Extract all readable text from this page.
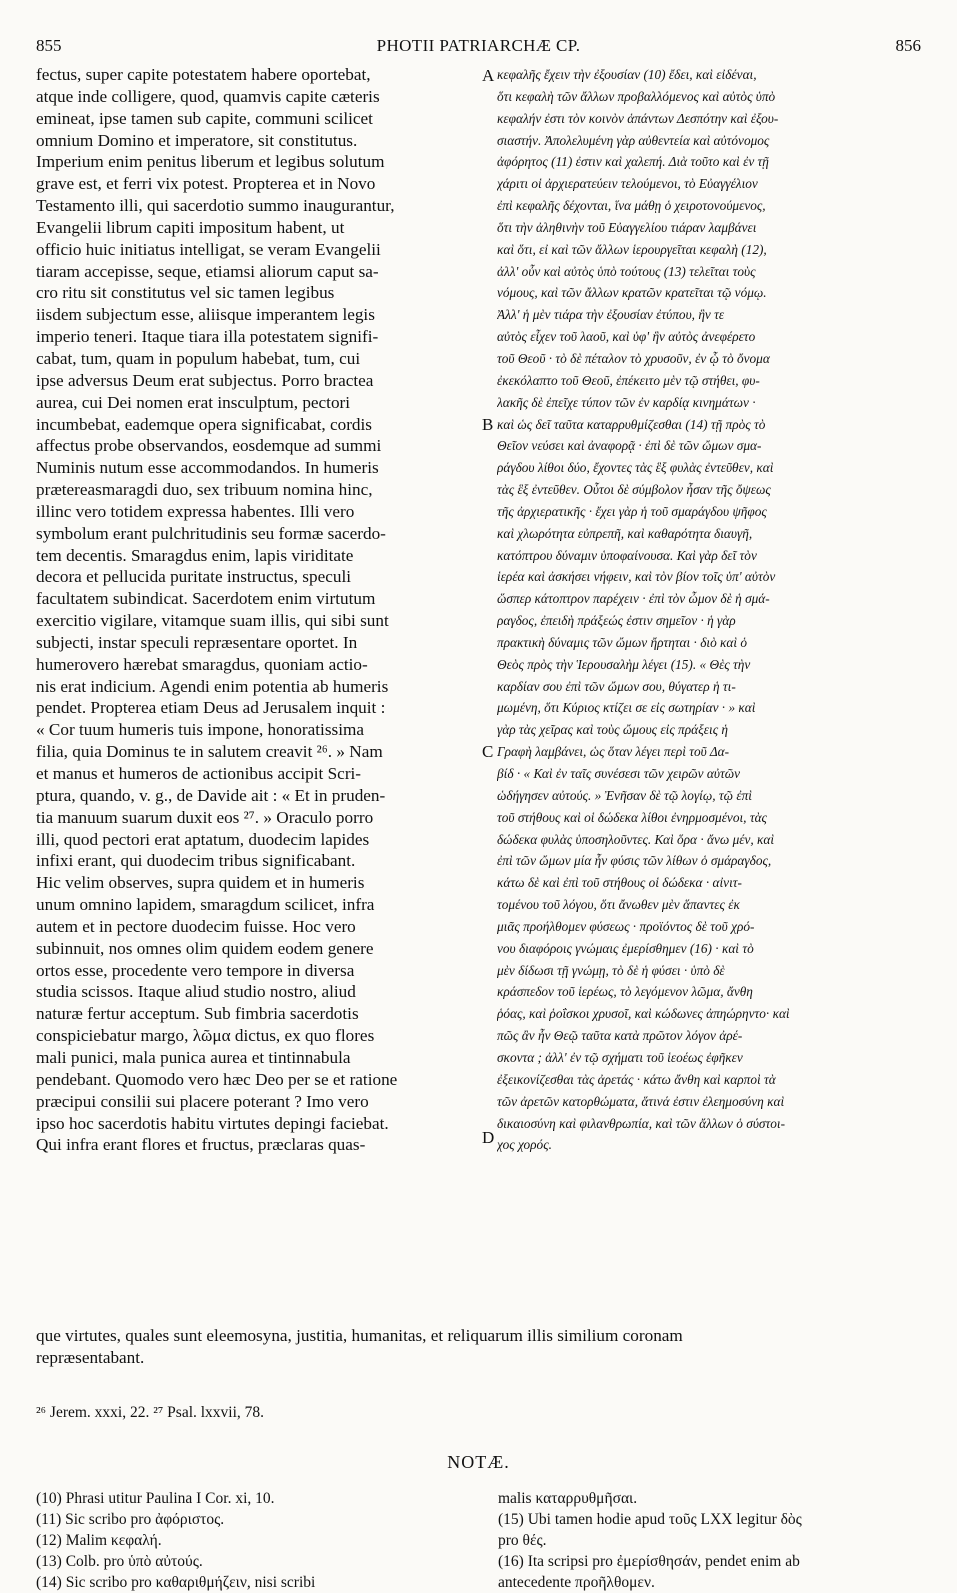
855	PHOTII PATRIARCHÆ CP.	856
fectus, super capite potestatem habere oportebat,
atque inde colligere, quod, quamvis capite cæteris
emineat, ipse tamen sub capite, communi scilicet
omnium Domino et imperatore, sit constitutus.
Imperium enim penitus liberum et legibus solutum
grave est, et ferri vix potest. Propterea et in Novo
Testamento illi, qui sacerdotio summo inaugurantur,
Evangelii librum capiti impositum habent, ut
officio huic initiatus intelligat, se veram Evangelii
tiaram accepisse, seque, etiamsi aliorum caput sa-
cro ritu sit constitutus vel sic tamen legibus
iisdem subjectum esse, aliisque imperantem legis
imperio teneri. Itaque tiara illa potestatem signifi-
cabat, tum, quam in populum habebat, tum, cui
ipse adversus Deum erat subjectus. Porro bractea
aurea, cui Dei nomen erat insculptum, pectori
incumbebat, eademque opera significabat, cordis
affectus probe observandos, eosdemque ad summi
Numinis nutum esse accommodandos. In humeris
prætereasmaragdi duo, sex tribuum nomina hinc,
illinc vero totidem expressa habentes. Illi vero
symbolum erant pulchritudinis seu formæ sacerdo-
tem decentis. Smaragdus enim, lapis viriditate
decora et pellucida puritate instructus, speculi
facultatem subindicat. Sacerdotem enim virtutum
exercitio vigilare, vitamque suam illis, qui sibi sunt
subjecti, instar speculi repræsentare oportet. In
humerovero hærebat smaragdus, quoniam actio-
nis erat indicium. Agendi enim potentia ab humeris
pendet. Propterea etiam Deus ad Jerusalem inquit :
« Cor tuum humeris tuis impone, honoratissima
filia, quia Dominus te in salutem creavit ²⁶. » Nam
et manus et humeros de actionibus accipit Scri-
ptura, quando, v. g., de Davide ait : « Et in pruden-
tia manuum suarum duxit eos ²⁷. » Oraculo porro
illi, quod pectori erat aptatum, duodecim lapides
infixi erant, qui duodecim tribus significabant.
Hic velim observes, supra quidem et in humeris
unum omnino lapidem, smaragdum scilicet, infra
autem et in pectore duodecim fuisse. Hoc vero
subinnuit, nos omnes olim quidem eodem genere
ortos esse, procedente vero tempore in diversa
studia scissos. Itaque aliud studio nostro, aliud
naturæ fertur acceptum. Sub fimbria sacerdotis
conspiciebatur margo, λῶμα dictus, ex quo flores
mali punici, mala punica aurea et tintinnabula
pendebant. Quomodo vero hæc Deo per se et ratione
præcipui consilii sui placere poterant ? Imo vero
ipso hoc sacerdotis habitu virtutes depingi faciebat.
Qui infra erant flores et fructus, præclaras quas-
κεφαλῆς ἔχειν τὴν ἐξουσίαν (10) ἔδει, καὶ εἰδέναι,
ὅτι κεφαλὴ τῶν ἄλλων προβαλλόμενος καὶ αὐτὸς ὑπὸ
κεφαλήν ἐστι τὸν κοινὸν ἁπάντων Δεσπότην καὶ ἐξου-
σιαστήν. Ἀπολελυμένη γὰρ αὐθεντεία καὶ αὐτόνομος
ἀφόρητος (11) ἐστιν καὶ χαλεπή. Διὰ τοῦτο καὶ ἐν τῇ
χάριτι οἱ ἀρχιερατεύειν τελούμενοι, τὸ Εὐαγγέλιον
ἐπὶ κεφαλῆς δέχονται, ἵνα μάθῃ ὁ χειροτονούμενος,
ὅτι τὴν ἀληθινὴν τοῦ Εὐαγγελίου τιάραν λαμβάνει
καὶ ὅτι, εἰ καὶ τῶν ἄλλων ἱερουργεῖται κεφαλὴ (12),
ἀλλ' οὖν καὶ αὐτὸς ὑπὸ τούτους (13) τελεῖται τοὺς
νόμους, καὶ τῶν ἄλλων κρατῶν κρατεῖται τῷ νόμῳ.
Ἀλλ' ἡ μὲν τιάρα τὴν ἐξουσίαν ἐτύπου, ἣν τε
αὐτὸς εἶχεν τοῦ λαοῦ, καὶ ὑφ' ἣν αὐτὸς ἀνεφέρετο
τοῦ Θεοῦ · τὸ δὲ πέταλον τὸ χρυσοῦν, ἐν ᾧ τὸ ὄνομα
ἐκεκόλαπτο τοῦ Θεοῦ, ἐπέκειτο μὲν τῷ στήθει, φυ-
λακῆς δὲ ἐπεῖχε τύπον τῶν ἐν καρδίᾳ κινημάτων ·
καὶ ὡς δεῖ ταῦτα καταρρυθμίζεσθαι (14) τῇ πρὸς τὸ
Θεῖον νεύσει καὶ ἀναφορᾷ · ἐπὶ δὲ τῶν ὤμων σμα-
ράγδου λίθοι δύο, ἔχοντες τὰς ἓξ φυλὰς ἐντεῦθεν, καὶ
τὰς ἓξ ἐντεῦθεν. Οὗτοι δὲ σύμβολον ἦσαν τῆς ὄψεως
τῆς ἀρχιερατικῆς · ἔχει γὰρ ἡ τοῦ σμαράγδου ψῆφος
καὶ χλωρότητα εὐπρεπῆ, καὶ καθαρότητα διαυγῆ,
κατόπτρου δύναμιν ὑποφαίνουσα. Καὶ γὰρ δεῖ τὸν
ἱερέα καὶ ἀσκήσει νήφειν, καὶ τὸν βίον τοῖς ὑπ' αὐτὸν
ὥσπερ κάτοπτρον παρέχειν · ἐπὶ τὸν ὦμον δὲ ἡ σμά-
ραγδος, ἐπειδὴ πράξεώς ἐστιν σημεῖον · ἡ γὰρ
πρακτικὴ δύναμις τῶν ὤμων ἤρτηται · διὸ καὶ ὁ
Θεὸς πρὸς τὴν Ἱερουσαλὴμ λέγει (15). « Θὲς τὴν
καρδίαν σου ἐπὶ τῶν ὤμων σου, θύγατερ ἡ τι-
μωμένη, ὅτι Κύριος κτίζει σε εἰς σωτηρίαν · » καὶ
γὰρ τὰς χεῖρας καὶ τοὺς ὤμους εἰς πράξεις ἡ
Γραφὴ λαμβάνει, ὡς ὅταν λέγει περὶ τοῦ Δα-
βίδ · « Καὶ ἐν ταῖς συνέσεσι τῶν χειρῶν αὐτῶν
ὡδήγησεν αὐτούς. » Ἐνῆσαν δὲ τῷ λογίῳ, τῷ ἐπὶ
τοῦ στήθους καὶ οἱ δώδεκα λίθοι ἐνηρμοσμένοι, τὰς
δώδεκα φυλὰς ὑποσηλοῦντες. Καὶ ὅρα · ἄνω μέν, καὶ
ἐπὶ τῶν ὤμων μία ἦν φύσις τῶν λίθων ὁ σμάραγδος,
κάτω δὲ καὶ ἐπὶ τοῦ στήθους οἱ δώδεκα · αἰνιτ-
τομένου τοῦ λόγου, ὅτι ἄνωθεν μὲν ἅπαντες ἐκ
μιᾶς προήλθομεν φύσεως · προϊόντος δὲ τοῦ χρό-
νου διαφόροις γνώμαις ἐμερίσθημεν (16) · καὶ τὸ
μὲν δίδωσι τῇ γνώμῃ, τὸ δὲ ἡ φύσει · ὑπὸ δὲ
κράσπεδον τοῦ ἱερέως, τὸ λεγόμενον λῶμα, ἄνθη
ῥόας, καὶ ῥοΐσκοι χρυσοῖ, καὶ κώδωνες ἀπηώρηντο· καὶ
πῶς ἂν ἦν Θεῷ ταῦτα κατὰ πρῶτον λόγον ἀρέ-
σκοντα ; ἀλλ' ἐν τῷ σχήματι τοῦ ἱεοέως ἐφῆκεν
ἐξεικονίζεσθαι τὰς ἀρετάς · κάτω ἄνθη καὶ καρποὶ τὰ
τῶν ἀρετῶν κατορθώματα, ἅτινά ἐστιν ἐλεημοσύνη καὶ
δικαιοσύνη καὶ φιλανθρωπία, καὶ τῶν ἄλλων ὁ σύστοι-
χος χορός.
A
B
C
D
que virtutes, quales sunt eleemosyna, justitia, humanitas, et reliquarum illis similium coronam
repræsentabant.
²⁶ Jerem. xxxi, 22. ²⁷ Psal. lxxvii, 78.
NOTÆ.
(10) Phrasi utitur Paulina I Cor. xi, 10.
(11) Sic scribo pro ἀφόριστος.
(12) Malim κεφαλή.
(13) Colb. pro ὑπὸ αὐτούς.
(14) Sic scribo pro καθαριθμήζειν, nisi scribi
malis καταρρυθμῆσαι.
(15) Ubi tamen hodie apud τοῦς LXX legitur δὸς
pro θές.
(16) Ita scripsi pro ἐμερίσθησάν, pendet enim ab
antecedente προῆλθομεν.
